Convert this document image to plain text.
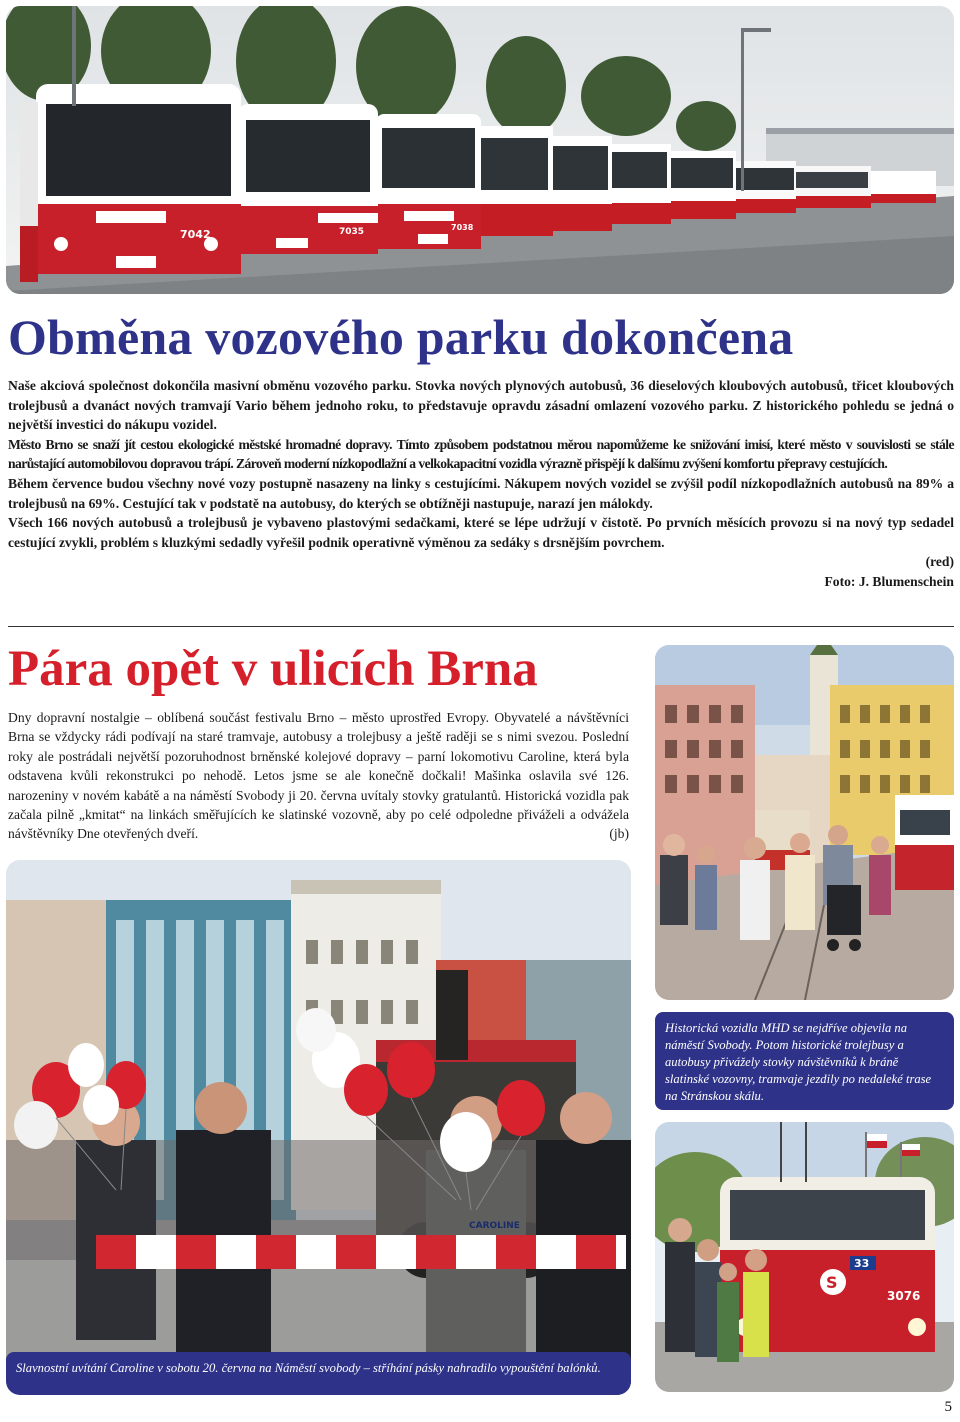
7042	7035	7038
Obměna vozového parku dokončena

Naše akciová společnost dokončila masivní obměnu vozového parku. Stovka nových plynových autobusů, 36 dieselových kloubových autobusů, třicet kloubových trolejbusů a dvanáct nových tramvají Vario během jednoho roku, to představuje opravdu zásadní omlazení vozového parku. Z historického pohledu se jedná o největší investici do nákupu vozidel.

Město Brno se snaží jít cestou ekologické městské hromadné dopravy. Tímto způsobem podstatnou měrou napomůžeme ke snižování imisí, které město v souvislosti se stále narůstající automobilovou dopravou trápí. Zároveň moderní nízkopodlažní a velkokapacitní vozidla výrazně přispějí k dalšímu zvýšení komfortu přepravy cestujících.

Během července budou všechny nové vozy postupně nasazeny na linky s cestujícími. Nákupem nových vozidel se zvýšil podíl nízkopodlažních autobusů na 89% a trolejbusů na 69%. Cestující tak v podstatě na autobusy, do kterých se obtížněji nastupuje, narazí jen málokdy.

Všech 166 nových autobusů a trolejbusů je vybaveno plastovými sedačkami, které se lépe udržují v čistotě. Po prvních měsících provozu si na nový typ sedadel cestující zvykli, problém s kluzkými sedadly vyřešil podnik operativně výměnou za sedáky s drsnějším povrchem.

(red)

Foto: J. Blumenschein

Pára opět v ulicích Brna

Dny dopravní nostalgie – oblíbená součást festivalu Brno – město uprostřed Evropy. Obyvatelé a návštěvníci Brna se vždycky rádi podívají na staré tramvaje, autobusy a trolejbusy a ještě raději se s nimi svezou. Poslední roky ale postrádali největší pozoruhodnost brněnské kolejové dopravy – parní lokomotivu Caroline, která byla odstavena kvůli rekonstrukci po nehodě. Letos jsme se ale konečně dočkali! Mašinka oslavila své 126. narozeniny v novém kabátě a na náměstí Svobody ji 20. června uvítaly stovky gratulantů. Historická vozidla pak začala pilně „kmitat“ na linkách směřujících ke slatinské vozovně, aby po celé odpoledne přiváželi a odvážela návštěvníky Dne otevřených dveří.	(jb)

CAROLINE
Slavnostní uvítání Caroline v sobotu 20. června na Náměstí svobody – stříhání pásky nahradilo vypouštění balónků.
Historická vozidla MHD se nejdříve objevila na náměstí Svobody. Potom historické trolejbusy a autobusy přivážely stovky návštěvníků k bráně slatinské vozovny, tramvaje jezdily po nedaleké trase na Stránskou skálu.
33
S
3076
5
